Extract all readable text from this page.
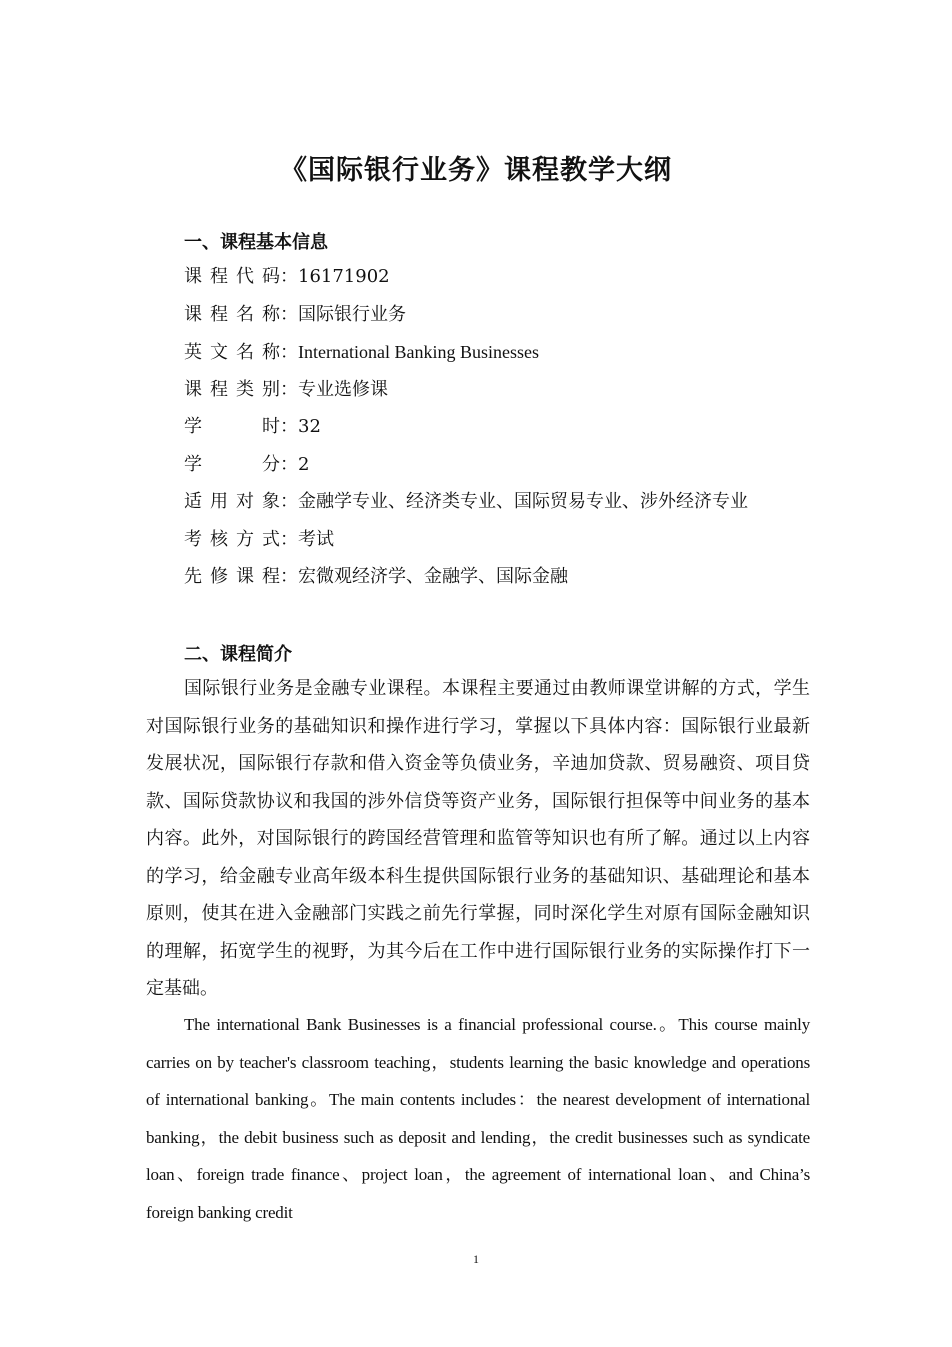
《国际银行业务》课程教学大纲
一、课程基本信息
课程代码：16171902
课程名称：国际银行业务
英文名称：International Banking Businesses
课程类别：专业选修课
学时：32
学分：2
适用对象：金融学专业、经济类专业、国际贸易专业、涉外经济专业
考核方式：考试
先修课程：宏微观经济学、金融学、国际金融
二、课程简介

国际银行业务是金融专业课程。本课程主要通过由教师课堂讲解的方式，学生对国际银行业务的基础知识和操作进行学习，掌握以下具体内容：国际银行业最新发展状况，国际银行存款和借入资金等负债业务，辛迪加贷款、贸易融资、项目贷款、国际贷款协议和我国的涉外信贷等资产业务，国际银行担保等中间业务的基本内容。此外，对国际银行的跨国经营管理和监管等知识也有所了解。通过以上内容的学习，给金融专业高年级本科生提供国际银行业务的基础知识、基础理论和基本原则，使其在进入金融部门实践之前先行掌握，同时深化学生对原有国际金融知识的理解，拓宽学生的视野，为其今后在工作中进行国际银行业务的实际操作打下一定基础。

The international Bank Businesses is a financial professional course.。This course mainly carries on by teacher's classroom teaching，students learning the basic knowledge and operations of international banking。The main contents includes：the nearest development of international banking，the debit business such as deposit and lending，the credit businesses such as syndicate loan、foreign trade finance、project loan，the agreement of international loan、and China’s foreign banking credit

1
